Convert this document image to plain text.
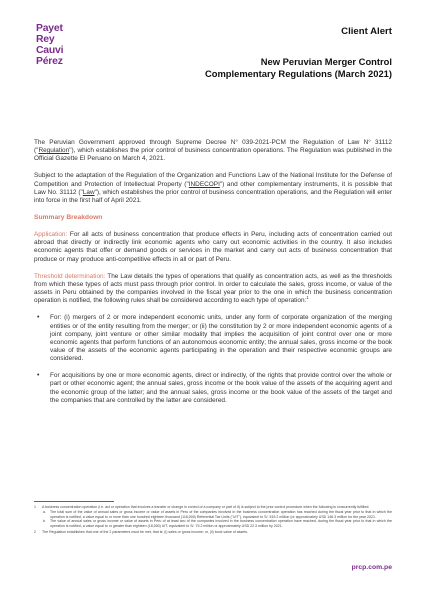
Payet
Rey
Cauvi
Pérez
Client Alert
New Peruvian Merger Control Complementary Regulations (March 2021)

The Peruvian Government approved through Supreme Decree N° 039-2021-PCM the Regulation of Law N° 31112 ("Regulation"), which establishes the prior control of business concentration operations. The Regulation was published in the Official Gazette El Peruano on March 4, 2021.

Subject to the adaptation of the Regulation of the Organization and Functions Law of the National Institute for the Defense of Competition and Protection of Intellectual Property ("INDECOPI") and other complementary instruments, it is possible that Law No. 31112 ("Law"), which establishes the prior control of business concentration operations, and the Regulation will enter into force in the first half of April 2021.

Summary Breakdown

Application: For all acts of business concentration that produce effects in Peru, including acts of concentration carried out abroad that directly or indirectly link economic agents who carry out economic activities in the country. It also includes economic agents that offer or demand goods or services in the market and carry out acts of business concentration that produce or may produce anti-competitive effects in all or part of Peru.

Threshold determination: The Law details the types of operations that qualify as concentration acts, as well as the thresholds from which these types of acts must pass through prior control. In order to calculate the sales, gross income, or value of the assets in Peru obtained by the companies involved in the fiscal year prior to the one in which the business concentration operation is notified, the following rules shall be considered according to each type of operation:$^1$

• For: (i) mergers of 2 or more independent economic units, under any form of corporate organization of the merging entities or of the entity resulting from the merger; or (ii) the constitution by 2 or more independent economic agents of a joint company, joint venture or other similar modality that implies the acquisition of joint control over one or more economic agents that perform functions of an autonomous economic entity; the annual sales, gross income or the book value of the assets of the economic agents participating in the operation and their respective economic groups are considered.
• For acquisitions by one or more economic agents, direct or indirectly, of the rights that provide control over the whole or part or other economic agent; the annual sales, gross income or the book value of the assets of the acquiring agent and the economic group of the latter; and the annual sales, gross income or the book value of the assets of the target and the companies that are controlled by the latter are considered.
1 A business concentration operation (i.e. act or operation that involves a transfer or change in control of a company or part of it) is subject to the prior control procedure when the following is concurrently fulfilled:
a. The total sum of the value of annual sales or gross income or value of assets in Peru of the companies involved in the business concentration operation has reached during the fiscal year prior to that in which the operation is notified, a value equal to or more than one hundred eighteen thousand (118,000) Referential Tax Units ("UIT"), equivalent to S/. 519.2 million (or approximately USD 146.3 million for the year 2021.
b. The value of annual sales or gross income or value of assets in Peru of at least two of the companies involved in the business concentration operation have reached, during the fiscal year prior to that in which the operation is notified, a value equal to or greater than eighteen (18,000) UIT, equivalent to S/. 79.2 million or approximately USD 22.3 million by 2021.
2 The Regulation establishes that one of the 2 parameters must be met, that is: (i) sales or gross income; or, (ii) book value of assets.
prcp.com.pe
